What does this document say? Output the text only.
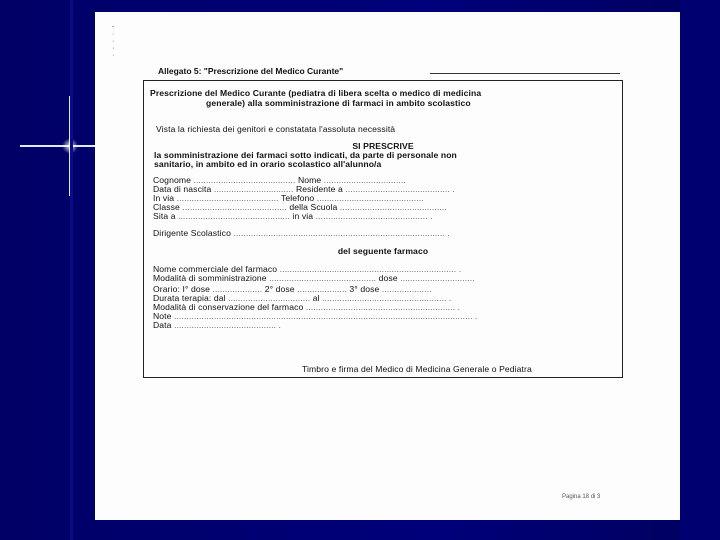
-
·
·
·
·
Allegato 5: "Prescrizione del Medico Curante"
Prescrizione del Medico Curante (pediatra di libera scelta o medico di medicina
generale) alla somministrazione di farmaci in ambito scolastico
Vista la richiesta dei genitori e constatata l'assoluta necessità
SI PRESCRIVE
la somministrazione dei farmaci sotto indicati, da parte di personale non
sanitario, in ambito ed in orario scolastico all'alunno/a
Cognome ......................................... Nome .................................
Data di nascita ................................ Residente a .......................................... .
In via ......................................... Telefono ...........................................
Classe .......................................... della Scuola ...........................................
Sita a ............................................. in via ............................................. .
Dirigente Scolastico ..................................................................................... .
del seguente farmaco
Nome commerciale del farmaco ....................................................................... .
Modalità di somministrazione ........................................... dose ..............................
Orario: I° dose .................... 2° dose .................... 3° dose ....................
Durata terapia: dal ................................. al .................................................. .
Modalità di conservazione del farmaco ............................................................ .
Note ........................................................................................................................ .
Data ......................................... .
Timbro e firma del Medico di Medicina Generale o Pediatra
Pagina 18 di 3
